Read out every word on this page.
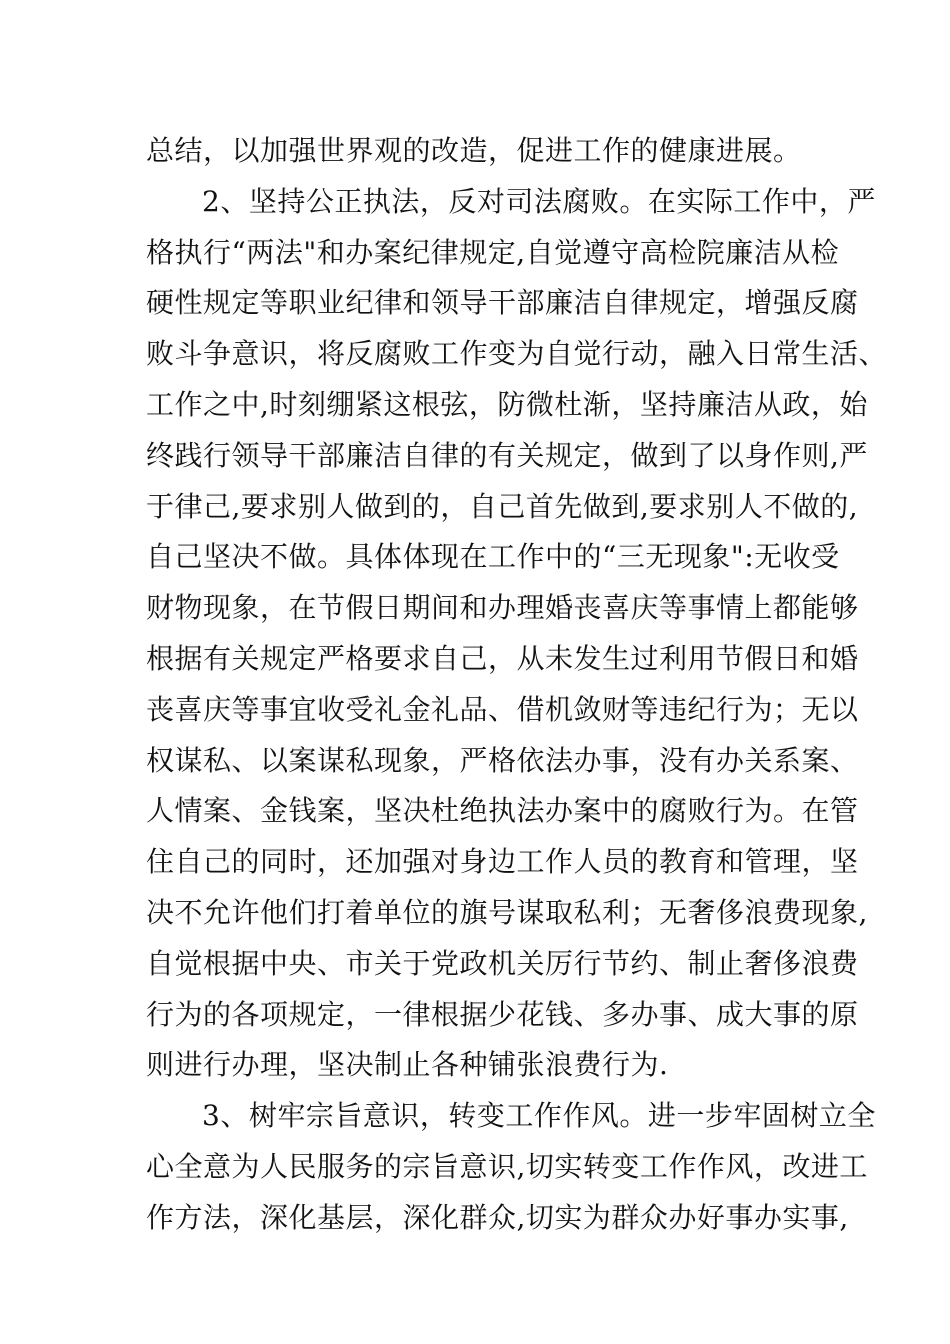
总结，以加强世界观的改造，促进工作的健康进展。
2、坚持公正执法，反对司法腐败。在实际工作中，严
格执行“两法"和办案纪律规定,自觉遵守高检院廉洁从检
硬性规定等职业纪律和领导干部廉洁自律规定，增强反腐
败斗争意识，将反腐败工作变为自觉行动，融入日常生活、
工作之中,时刻绷紧这根弦，防微杜渐，坚持廉洁从政，始
终践行领导干部廉洁自律的有关规定，做到了以身作则,严
于律己,要求别人做到的，自己首先做到,要求别人不做的,
自己坚决不做。具体体现在工作中的“三无现象":无收受
财物现象，在节假日期间和办理婚丧喜庆等事情上都能够
根据有关规定严格要求自己，从未发生过利用节假日和婚
丧喜庆等事宜收受礼金礼品、借机敛财等违纪行为；无以
权谋私、以案谋私现象，严格依法办事，没有办关系案、
人情案、金钱案，坚决杜绝执法办案中的腐败行为。在管
住自己的同时，还加强对身边工作人员的教育和管理，坚
决不允许他们打着单位的旗号谋取私利；无奢侈浪费现象,
自觉根据中央、市关于党政机关厉行节约、制止奢侈浪费
行为的各项规定，一律根据少花钱、多办事、成大事的原
则进行办理，坚决制止各种铺张浪费行为.
3、树牢宗旨意识，转变工作作风。进一步牢固树立全
心全意为人民服务的宗旨意识,切实转变工作作风，改进工
作方法，深化基层，深化群众,切实为群众办好事办实事,
